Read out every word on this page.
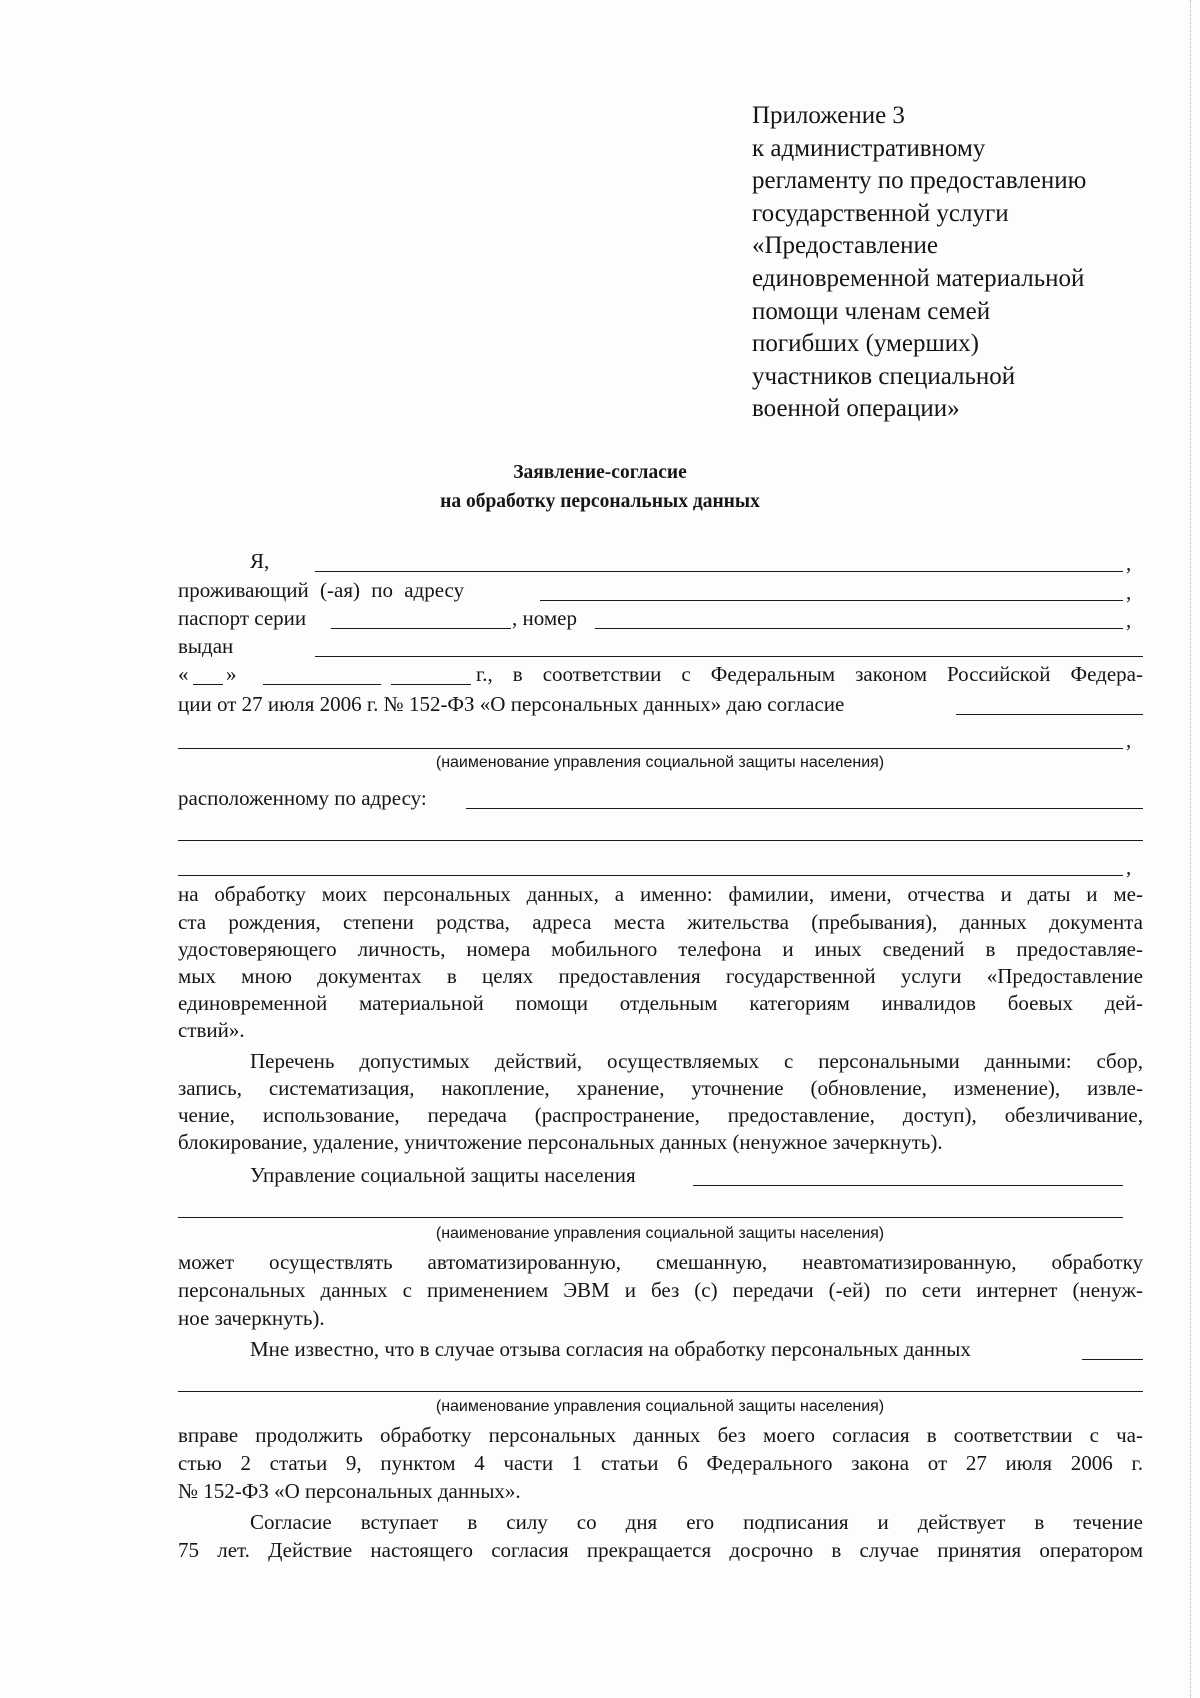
Приложение 3
к административному
регламенту по предоставлению
государственной услуги
«Предоставление
единовременной материальной
помощи членам семей
погибших (умерших)
участников специальной
военной операции»
Заявление-согласие
на обработку персональных данных
Я,	,
проживающий (-ая) по адресу	,
паспорт серии	, номер	,
выдан
« »	г., в соответствии с Федеральным законом Российской Федера-
ции от 27 июля 2006 г. № 152-ФЗ «О персональных данных» даю согласие
,
(наименование управления социальной защиты населения)
расположенному по адресу:
,
на обработку моих персональных данных, а именно: фамилии, имени, отчества и даты и ме-
ста рождения, степени родства, адреса места жительства (пребывания), данных документа
удостоверяющего личность, номера мобильного телефона и иных сведений в предоставляе-
мых мною документах в целях предоставления государственной услуги «Предоставление
единовременной материальной помощи отдельным категориям инвалидов боевых дей-
ствий».
Перечень допустимых действий, осуществляемых с персональными данными: сбор,
запись, систематизация, накопление, хранение, уточнение (обновление, изменение), извле-
чение, использование, передача (распространение, предоставление, доступ), обезличивание,
блокирование, удаление, уничтожение персональных данных (ненужное зачеркнуть).
Управление социальной защиты населения
(наименование управления социальной защиты населения)
может осуществлять автоматизированную, смешанную, неавтоматизированную, обработку
персональных данных с применением ЭВМ и без (с) передачи (-ей) по сети интернет (ненуж-
ное зачеркнуть).
Мне известно, что в случае отзыва согласия на обработку персональных данных
(наименование управления социальной защиты населения)
вправе продолжить обработку персональных данных без моего согласия в соответствии с ча-
стью 2 статьи 9, пунктом 4 части 1 статьи 6 Федерального закона от 27 июля 2006 г.
№ 152-ФЗ «О персональных данных».
Согласие вступает в силу со дня его подписания и действует в течение
75 лет. Действие настоящего согласия прекращается досрочно в случае принятия оператором
